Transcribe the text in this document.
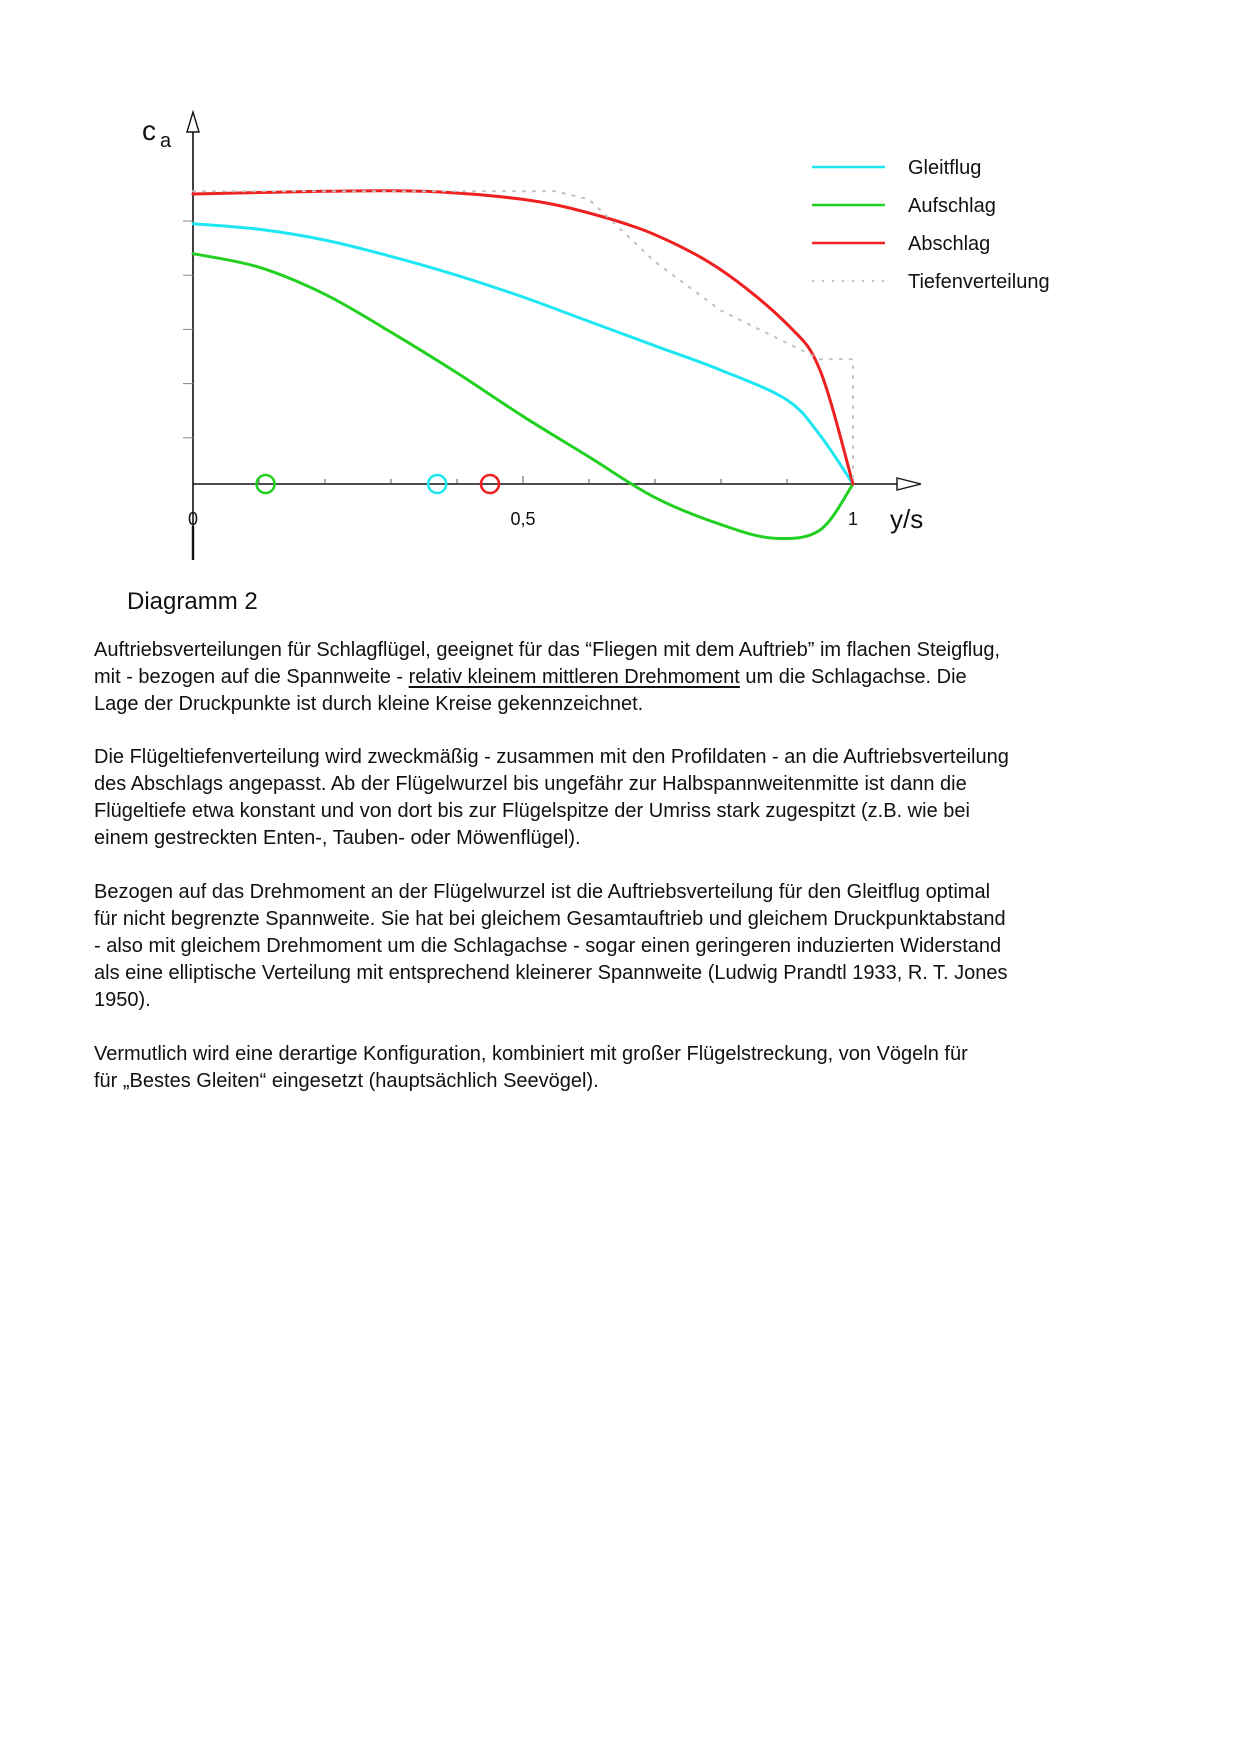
Gleitflug
Aufschlag
Abschlag
Tiefenverteilung
c a
y/s
0	0,5	1
Diagramm 2

Auftriebsverteilungen für Schlagflügel, geeignet für das “Fliegen mit dem Auftrieb” im flachen Steigflug,

mit - bezogen auf die Spannweite - relativ kleinem mittleren Drehmoment um die Schlagachse. Die

Lage der Druckpunkte ist durch kleine Kreise gekennzeichnet.

Die Flügeltiefenverteilung wird zweckmäßig - zusammen mit den Profildaten - an die Auftriebsverteilung

des Abschlags angepasst. Ab der Flügelwurzel bis ungefähr zur Halbspannweitenmitte ist dann die

Flügeltiefe etwa konstant und von dort bis zur Flügelspitze der Umriss stark zugespitzt (z.B. wie bei

einem gestreckten Enten-, Tauben- oder Möwenflügel).

Bezogen auf das Drehmoment an der Flügelwurzel ist die Auftriebsverteilung für den Gleitflug optimal

für nicht begrenzte Spannweite. Sie hat bei gleichem Gesamtauftrieb und gleichem Druckpunktabstand

- also mit gleichem Drehmoment um die Schlagachse - sogar einen geringeren induzierten Widerstand

als eine elliptische Verteilung mit entsprechend kleinerer Spannweite (Ludwig Prandtl 1933, R. T. Jones

1950).

Vermutlich wird eine derartige Konfiguration, kombiniert mit großer Flügelstreckung, von Vögeln für

für „Bestes Gleiten“ eingesetzt (hauptsächlich Seevögel).
